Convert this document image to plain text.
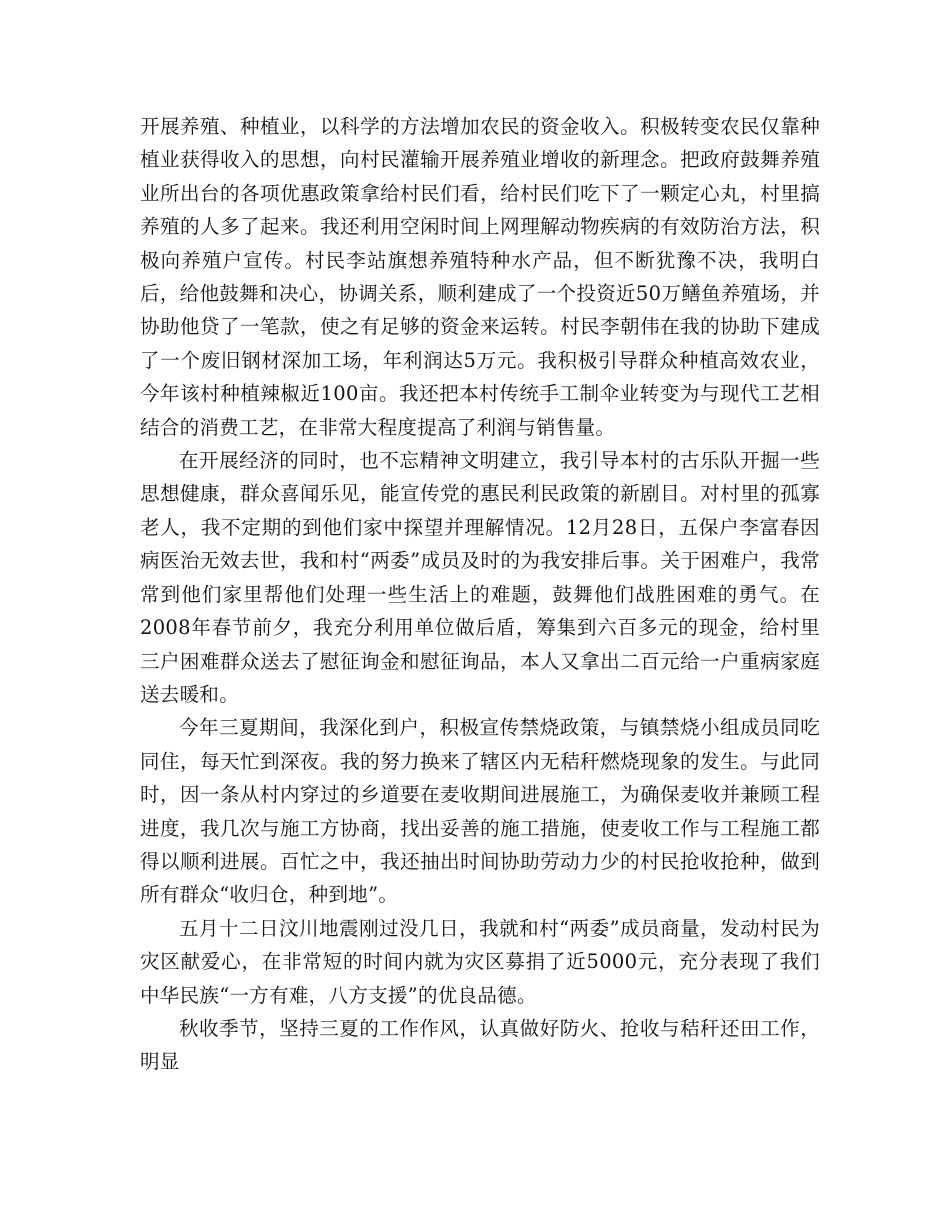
开展养殖、种植业，以科学的方法增加农民的资金收入。积极转变农民仅靠种植业获得收入的思想，向村民灌输开展养殖业增收的新理念。把政府鼓舞养殖业所出台的各项优惠政策拿给村民们看，给村民们吃下了一颗定心丸，村里搞养殖的人多了起来。我还利用空闲时间上网理解动物疾病的有效防治方法，积极向养殖户宣传。村民李站旗想养殖特种水产品，但不断犹豫不决，我明白后，给他鼓舞和决心，协调关系，顺利建成了一个投资近50万鳝鱼养殖场，并协助他贷了一笔款，使之有足够的资金来运转。村民李朝伟在我的协助下建成了一个废旧钢材深加工场，年利润达5万元。我积极引导群众种植高效农业，今年该村种植辣椒近100亩。我还把本村传统手工制伞业转变为与现代工艺相结合的消费工艺，在非常大程度提高了利润与销售量。

在开展经济的同时，也不忘精神文明建立，我引导本村的古乐队开掘一些思想健康，群众喜闻乐见，能宣传党的惠民利民政策的新剧目。对村里的孤寡老人，我不定期的到他们家中探望并理解情况。12月28日，五保户李富春因病医治无效去世，我和村“两委”成员及时的为我安排后事。关于困难户，我常常到他们家里帮他们处理一些生活上的难题，鼓舞他们战胜困难的勇气。在2008年春节前夕，我充分利用单位做后盾，筹集到六百多元的现金，给村里三户困难群众送去了慰征询金和慰征询品，本人又拿出二百元给一户重病家庭送去暖和。

今年三夏期间，我深化到户，积极宣传禁烧政策，与镇禁烧小组成员同吃同住，每天忙到深夜。我的努力换来了辖区内无秸秆燃烧现象的发生。与此同时，因一条从村内穿过的乡道要在麦收期间进展施工，为确保麦收并兼顾工程进度，我几次与施工方协商，找出妥善的施工措施，使麦收工作与工程施工都得以顺利进展。百忙之中，我还抽出时间协助劳动力少的村民抢收抢种，做到所有群众“收归仓，种到地”。

五月十二日汶川地震刚过没几日，我就和村“两委”成员商量，发动村民为灾区献爱心，在非常短的时间内就为灾区募捐了近5000元，充分表现了我们中华民族“一方有难，八方支援”的优良品德。

秋收季节，坚持三夏的工作作风，认真做好防火、抢收与秸秆还田工作，明显
